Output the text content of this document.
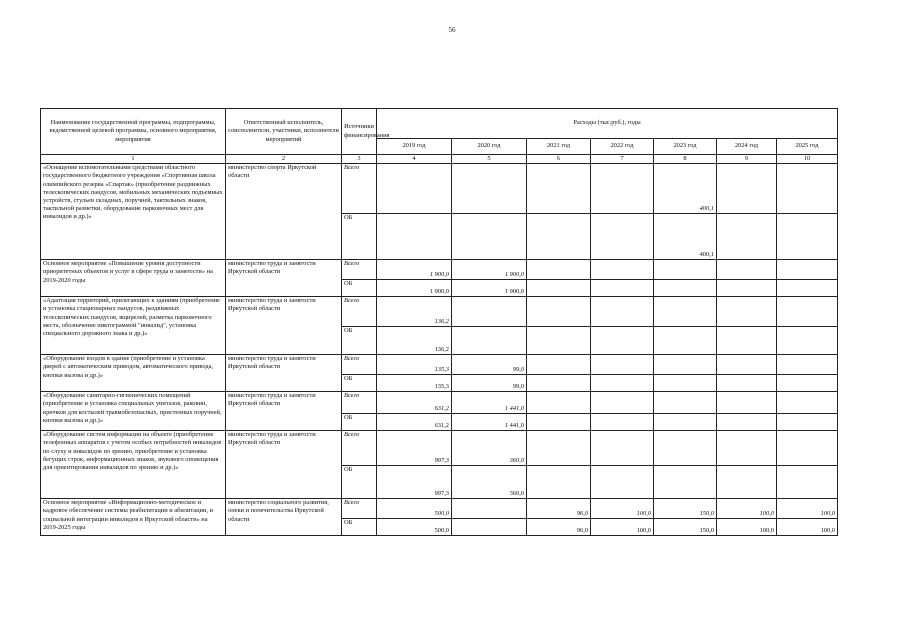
56
Наименование государственной программы, подпрограммы, ведомственной целевой программы, основного мероприятия, мероприятия	Ответственный исполнитель, соисполнители, участники, исполнители мероприятий	Источники финансирования	Расходы (тыс.руб.), годы						
			2019 год	2020 год	2021 год	2022 год	2023 год	2024 год	2025 год
1	2	3	4	5	6	7	8	9	10
«Оснащение вспомогательными средствами областного государственного бюджетного учреждения «Спортивная школа олимпийского резерва «Спартак» (приобретение раздвижных телескопических пандусов, мобильных механических подъемных устройств, стульев складных, поручней, тактильных знаков, тактильной разметки, оборудование парковочных мест для инвалидов и др.)»	министерство спорта Иркутской области	Всего					400,1		
		ОБ					400,1		
Основное мероприятие «Повышение уровня доступности приоритетных объектов и услуг в сфере труда и занятости» на 2019-2020 годы	министерство труда и занятости Иркутской области	Всего	1 900,0	1 900,0					
		ОБ	1 900,0	1 900,0					
«Адаптация территорий, прилегающих к зданиям (приобретение и установка стационарных пандусов, раздвижных телескопических пандусов, ящирелей, разметка парковочного места, обозначение пиктограммой "инвалид", установка специального дорожного знака и др.)»	министерство труда и занятости Иркутской области	Всего	136,2						
		ОБ	136,2						
«Оборудование входов в здание (приобретение и установка дверей с автоматическим приводом, автоматического привода, кнопки вызова и др.)»	министерство труда и занятости Иркутской области	Всего	135,3	99,0					
		ОБ	135,3	99,0					
«Оборудование санитарно-гигиенических помещений (приобретение и установка специальных унитазов, раковин, крючков для костылей травмобезопасных, пристенных поручней, кнопки вызова и др.)»	министерство труда и занятости Иркутской области	Всего	631,2	1 441,0					
		ОБ	631,2	1 441,0					
«Оборудование систем информации на объекте (приобретение телефонных аппаратов с учетом особых потребностей инвалидов по слуху и инвалидов по зрению, приобретение и установка бегущих строк, информационных знаков, звукового оповещения для ориентирования инвалидов по зрению и др.)»	министерство труда и занятости Иркутской области	Всего	997,3	360,0					
		ОБ	997,3	360,0					
Основное мероприятие «Информационно-методическое и кадровое обеспечение системы реабилитации и абилитации, и социальной интеграции инвалидов в Иркутской области» на 2019-2025 годы	министерство социального развития, опеки и попечительства Иркутской области	Всего	500,0		96,0	100,0	150,0	100,0	100,0
		ОБ	500,0		96,0	100,0	150,0	100,0	100,0
